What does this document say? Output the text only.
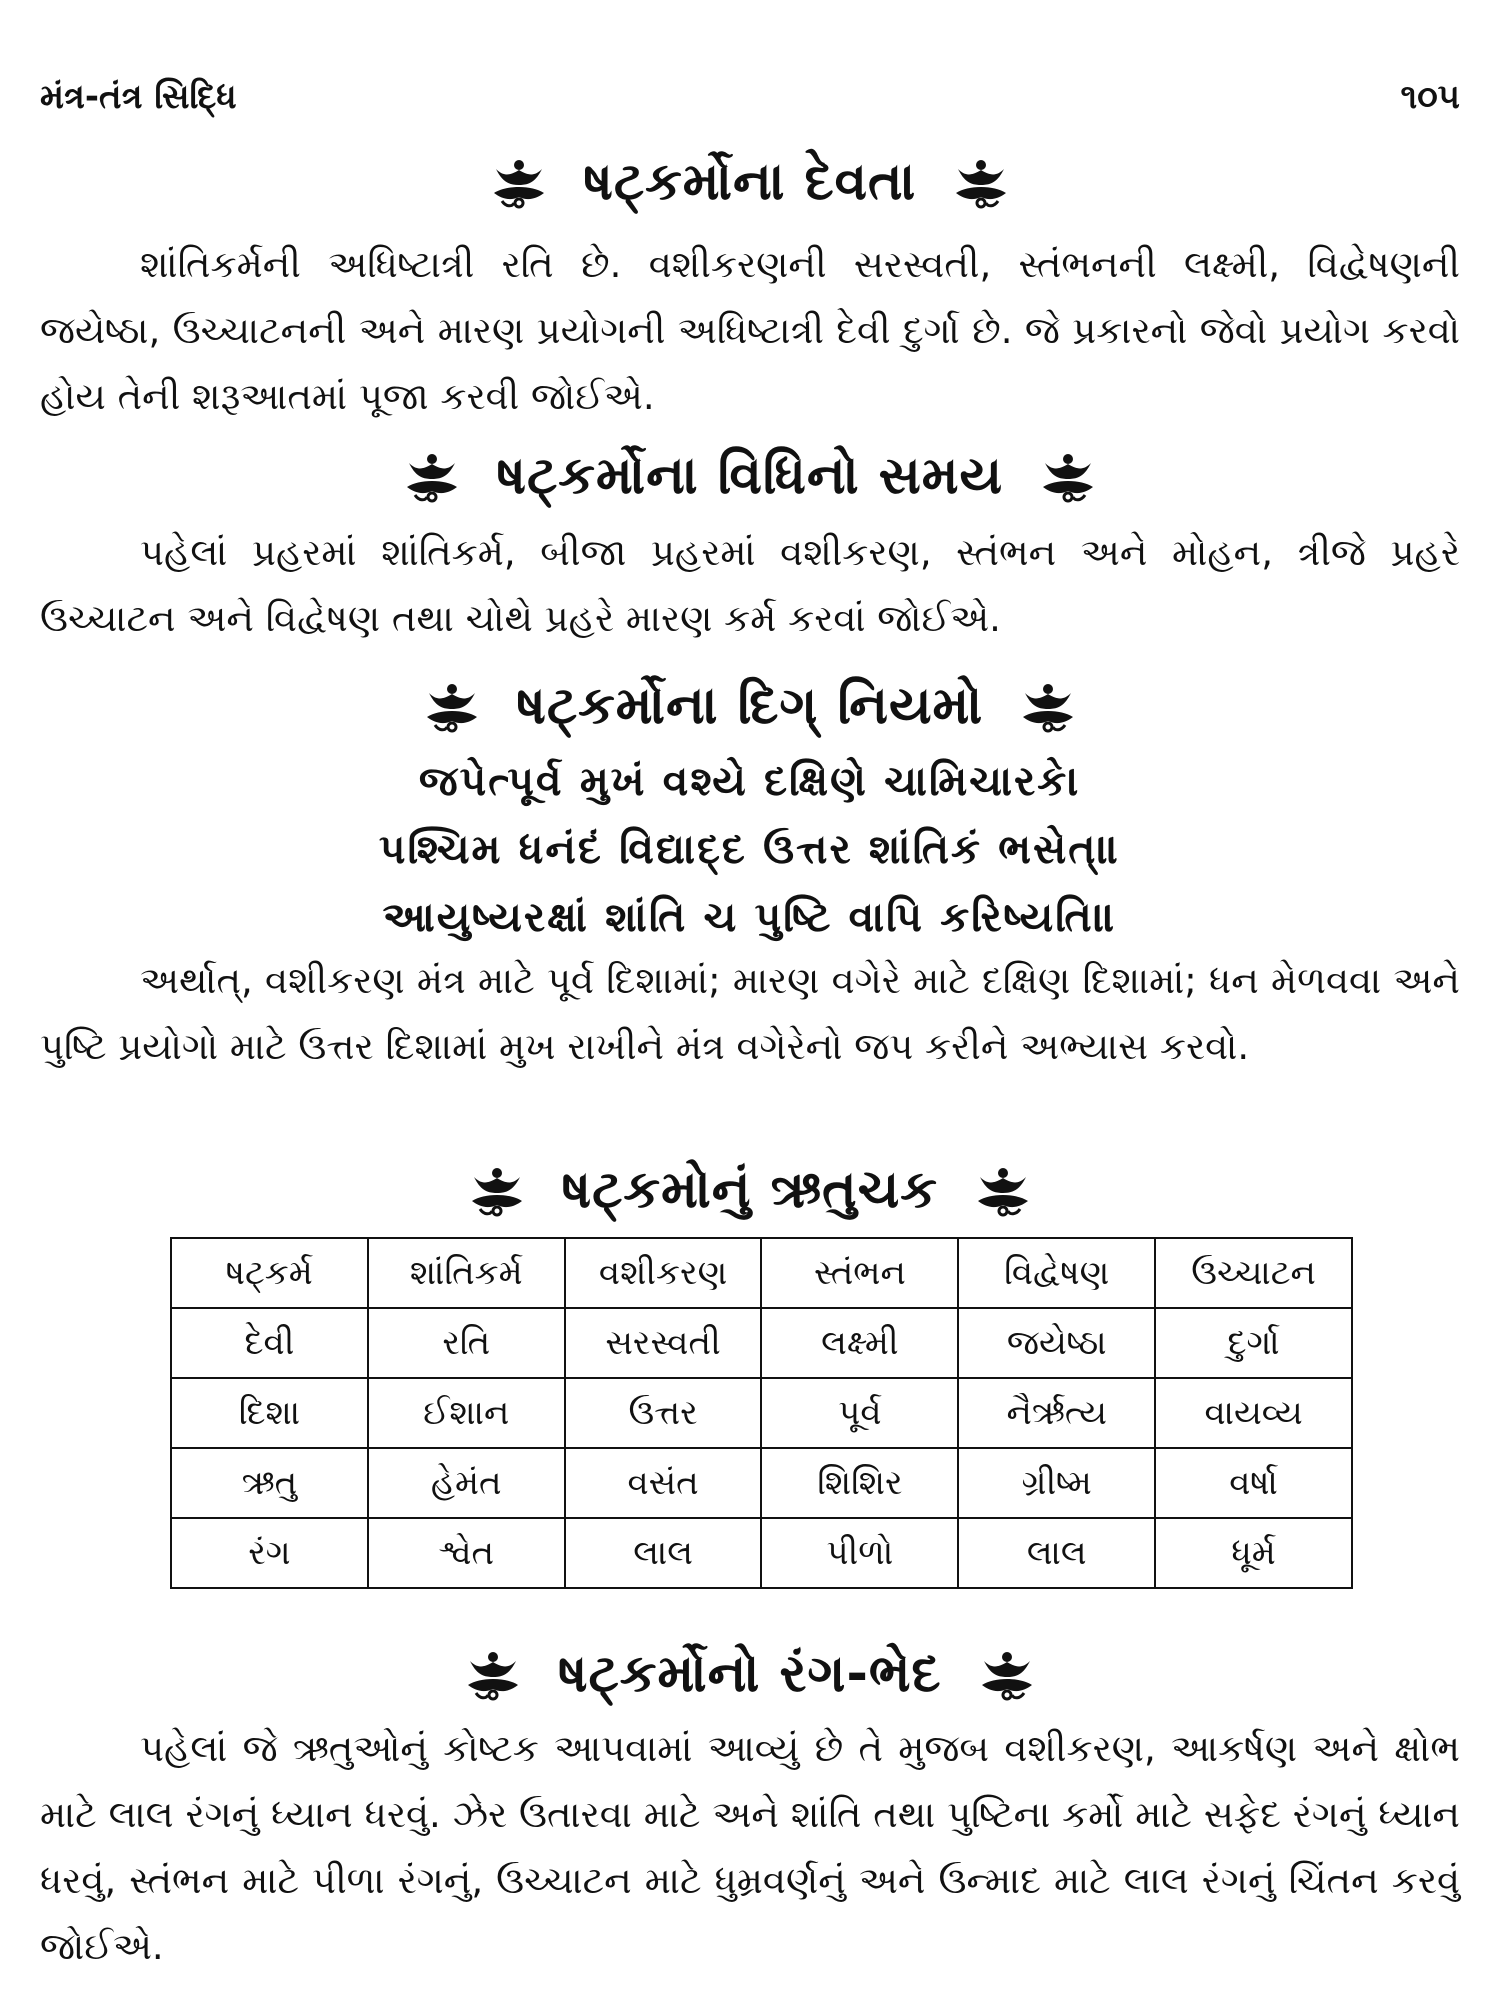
મંત્ર-તંત્ર સિદ્ધિ	૧૦૫
ષટ્કર્મોના દેવતા

શાંતિકર્મની અધિષ્ટાત્રી રતિ છે. વશીકરણની સરસ્વતી, સ્તંભનની લક્ષ્મી, વિદ્વેષણની જયેષ્ઠા, ઉચ્ચાટનની અને મારણ પ્રયોગની અધિષ્ટાત્રી દેવી દુર્ગા છે. જે પ્રકારનો જેવો પ્રયોગ કરવો હોય તેની શરૂઆતમાં પૂજા કરવી જોઈએ.

ષટ્કર્મોના વિધિનો સમય

પહેલાં પ્રહરમાં શાંતિકર્મ, બીજા પ્રહરમાં વશીકરણ, સ્તંભન અને મોહન, ત્રીજે પ્રહરે ઉચ્ચાટન અને વિદ્વેષણ તથા ચોથે પ્રહરે મારણ કર્મ કરવાં જોઈએ.

ષટ્કર્મોના દિગ્ નિયમો
જપેત્પૂર્વ મુખં વશ્યે દક્ષિણે ચામિચારકે।
પશ્ચિમ ધનંદં વિદ્યાદ્દ ઉત્તર શાંતિકં ભસેત્॥
આયુષ્યરક્ષાં શાંતિ ચ પુષ્ટિ વાપિ કરિષ્યતિ॥

અર્થાત્, વશીકરણ મંત્ર માટે પૂર્વ દિશામાં; મારણ વગેરે માટે દક્ષિણ દિશામાં; ધન મેળવવા અને પુષ્ટિ પ્રયોગો માટે ઉત્તર દિશામાં મુખ રાખીને મંત્ર વગેરેનો જપ કરીને અભ્યાસ કરવો.

ષટ્કમોનું ઋતુચક
ષટ્કર્મ	શાંતિકર્મ	વશીકરણ	સ્તંભન	વિદ્વેષણ	ઉચ્ચાટન
દેવી	રતિ	સરસ્વતી	લક્ષ્મી	જયેષ્ઠા	દુર્ગા
દિશા	ઈશાન	ઉત્તર	પૂર્વ	નૈર્ઋત્ય	વાયવ્ય
ઋતુ	હેમંત	વસંત	શિશિર	ગ્રીષ્મ	વર્ષા
રંગ	શ્વેત	લાલ	પીળો	લાલ	ધૂર્મ
ષટ્કર્મોનો રંગ-ભેદ

પહેલાં જે ઋતુઓનું કોષ્ટક આપવામાં આવ્યું છે તે મુજબ વશીકરણ, આકર્ષણ અને ક્ષોભ માટે લાલ રંગનું ધ્યાન ધરવું. ઝેર ઉતારવા માટે અને શાંતિ તથા પુષ્ટિના કર્મો માટે સફેદ રંગનું ધ્યાન ધરવું, સ્તંભન માટે પીળા રંગનું, ઉચ્ચાટન માટે ધુમ્રવર્ણનું અને ઉન્માદ માટે લાલ રંગનું ચિંતન કરવું જોઈએ.
